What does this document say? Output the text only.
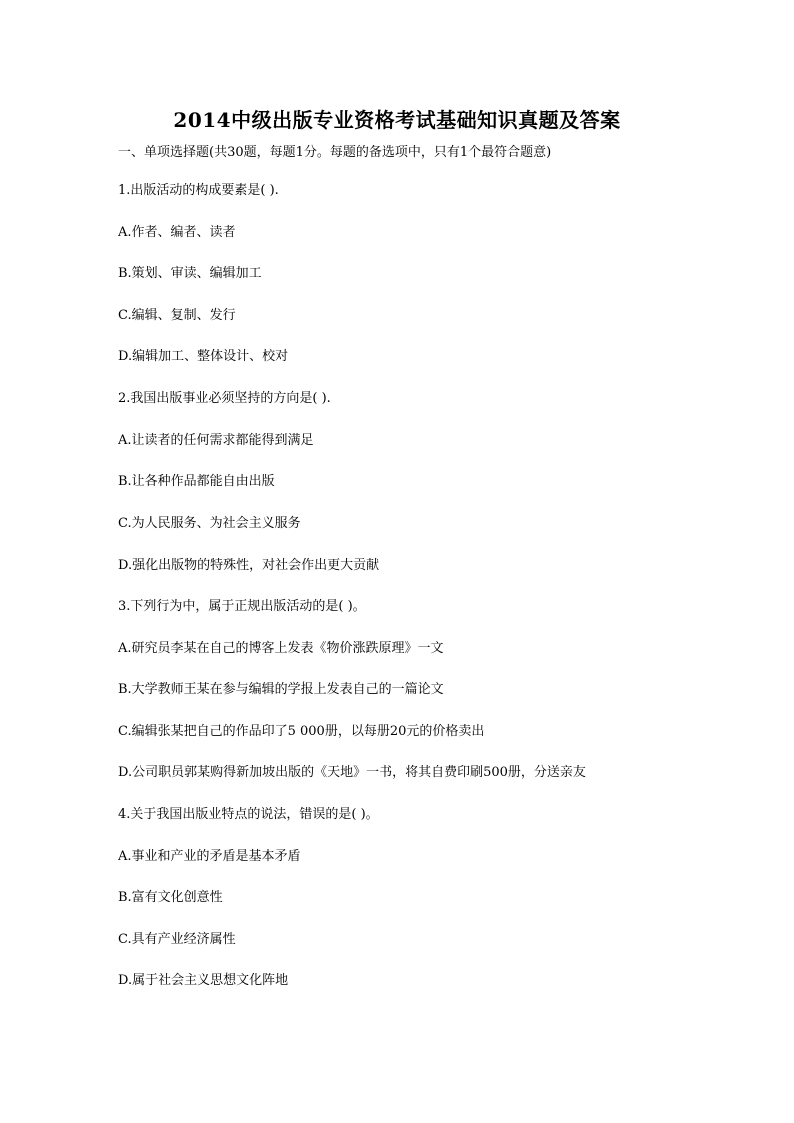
2014中级出版专业资格考试基础知识真题及答案
一、单项选择题(共30题，每题1分。每题的备选项中，只有1个最符合题意)
1.出版活动的构成要素是( ).
A.作者、编者、读者
B.策划、审读、编辑加工
C.编辑、复制、发行
D.编辑加工、整体设计、校对
2.我国出版事业必须坚持的方向是( ).
A.让读者的任何需求都能得到满足
B.让各种作品都能自由出版
C.为人民服务、为社会主义服务
D.强化出版物的特殊性，对社会作出更大贡献
3.下列行为中，属于正规出版活动的是( )。
A.研究员李某在自己的博客上发表《物价涨跌原理》一文
B.大学教师王某在参与编辑的学报上发表自己的一篇论文
C.编辑张某把自己的作品印了5 000册，以每册20元的价格卖出
D.公司职员郭某购得新加坡出版的《天地》一书，将其自费印刷500册，分送亲友
4.关于我国出版业特点的说法，错误的是( )。
A.事业和产业的矛盾是基本矛盾
B.富有文化创意性
C.具有产业经济属性
D.属于社会主义思想文化阵地
